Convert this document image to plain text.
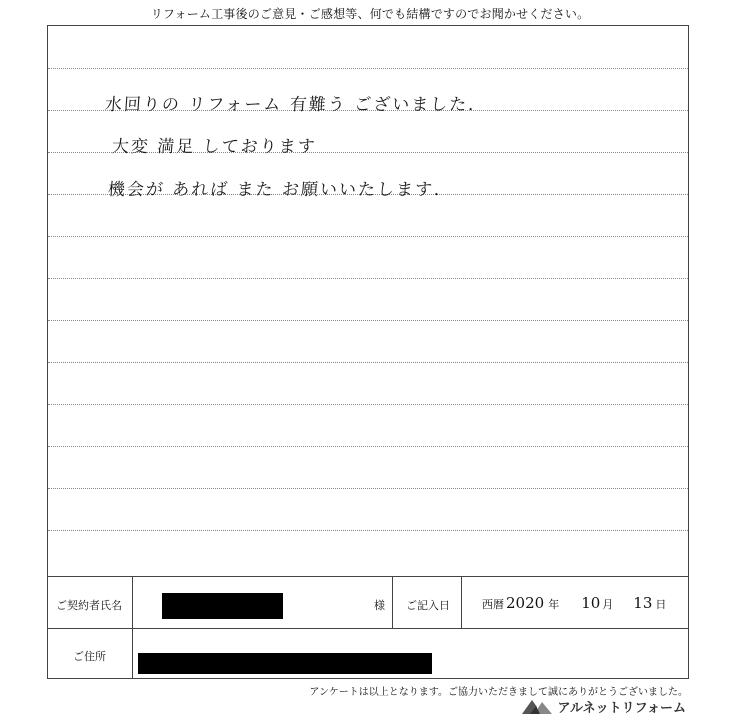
リフォーム工事後のご意見・ご感想等、何でも結構ですのでお聞かせください。
水回りの リフォーム 有難う ございました.
大変 満足 しております
機会が あれば また お願いいたします.
ご契約者氏名	様 ご記入日	西暦 2020 年 10 月 13 日
ご住所
アンケートは以上となります。ご協力いただきまして誠にありがとうございました。
アルネットリフォーム
